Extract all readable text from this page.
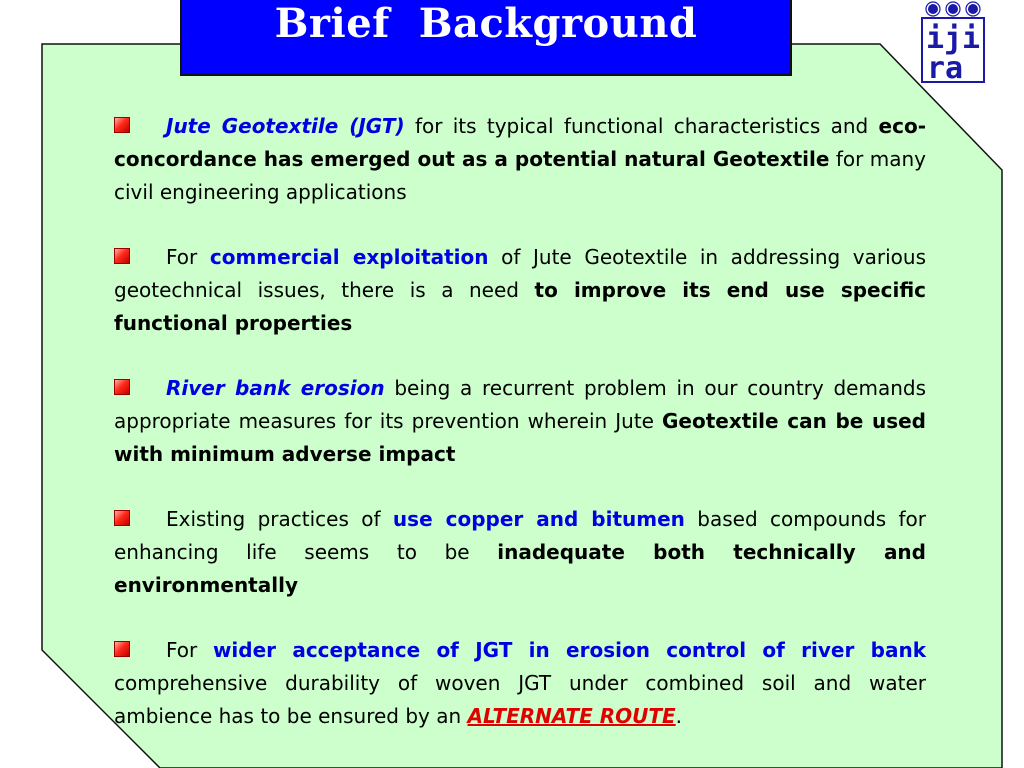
Brief  Background	ij i
ra
Jute Geotextile (JGT) for its typical functional characteristics and eco-concordance has emerged out as a potential natural Geotextile for many civil engineering applications
For commercial exploitation of Jute Geotextile in addressing various geotechnical issues, there is a need to improve its end use specific functional properties
River bank erosion being a recurrent problem in our country demands appropriate measures for its prevention wherein Jute Geotextile can be used with minimum adverse impact
Existing practices of use copper and bitumen based compounds for enhancing life seems to be inadequate both technically and environmentally
For wider acceptance of JGT in erosion control of river bank comprehensive durability of woven JGT under combined soil and water ambience has to be ensured by an ALTERNATE ROUTE.
